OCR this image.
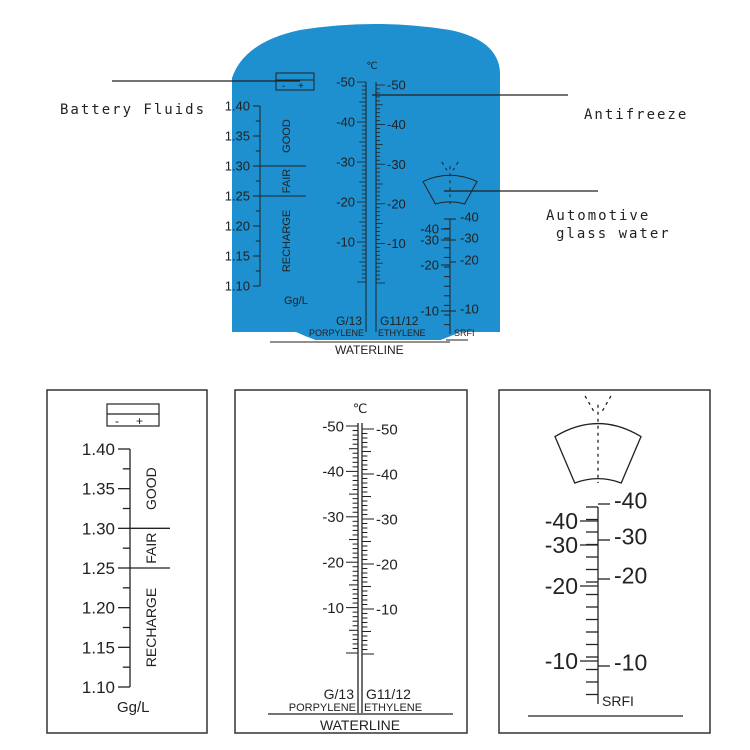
WATERLINE
- +
1.40
1.35
1.30
1.25
1.20
1.15
1.10
GOOD
FAIR
RECHARGE
Gg/L
℃
-50
-40
-30
-20
-10
-50
-40
-30
-20
-10
G/13 G11/12
PORPYLENE ETHYLENE
-40
-30
-20
-10
-40
-30
-20
-10
SRFI
Battery Fluids	Antifreeze
Automotive
glass water
- +
1.40
1.35
1.30
1.25
1.20
1.15
1.10
GOOD
FAIR
RECHARGE
Gg/L
℃
-50
-40
-30
-20
-10
-50
-40
-30
-20
-10
G/13 G11/12
PORPYLENE ETHYLENE
WATERLINE
-40
-30
-20
-10
-40
-30
-20
-10
SRFI
